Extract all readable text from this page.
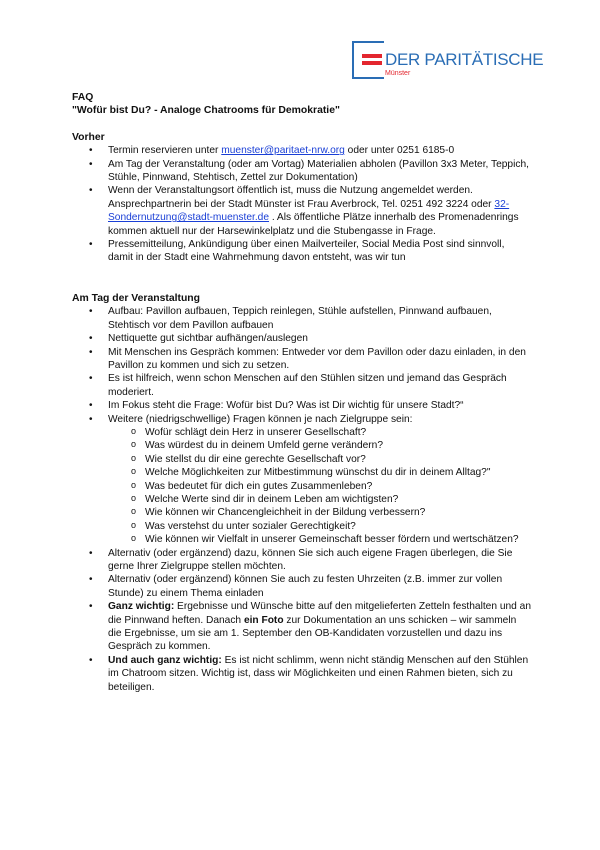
DER PARITÄTISCHE
Münster
FAQ
"Wofür bist Du? - Analoge Chatrooms für Demokratie"
Vorher
• Termin reservieren unter muenster@paritaet-nrw.org oder unter 0251 6185-0
• Am Tag der Veranstaltung (oder am Vortag) Materialien abholen (Pavillon 3x3 Meter, Teppich, Stühle, Pinnwand, Stehtisch, Zettel zur Dokumentation)
• Wenn der Veranstaltungsort öffentlich ist, muss die Nutzung angemeldet werden. Ansprechpartnerin bei der Stadt Münster ist Frau Averbrock, Tel. 0251 492 3224 oder 32-Sondernutzung@stadt-muenster.de . Als öffentliche Plätze innerhalb des Promenadenrings kommen aktuell nur der Harsewinkelplatz und die Stubengasse in Frage.
• Pressemitteilung, Ankündigung über einen Mailverteiler, Social Media Post sind sinnvoll, damit in der Stadt eine Wahrnehmung davon entsteht, was wir tun
Am Tag der Veranstaltung
• Aufbau: Pavillon aufbauen, Teppich reinlegen, Stühle aufstellen, Pinnwand aufbauen, Stehtisch vor dem Pavillon aufbauen
• Nettiquette gut sichtbar aufhängen/auslegen
• Mit Menschen ins Gespräch kommen: Entweder vor dem Pavillon oder dazu einladen, in den Pavillon zu kommen und sich zu setzen.
• Es ist hilfreich, wenn schon Menschen auf den Stühlen sitzen und jemand das Gespräch moderiert.
• Im Fokus steht die Frage: Wofür bist Du? Was ist Dir wichtig für unsere Stadt?“
• Weitere (niedrigschwellige) Fragen können je nach Zielgruppe sein:
o Wofür schlägt dein Herz in unserer Gesellschaft?
o Was würdest du in deinem Umfeld gerne verändern?
o Wie stellst du dir eine gerechte Gesellschaft vor?
o Welche Möglichkeiten zur Mitbestimmung wünschst du dir in deinem Alltag?"
o Was bedeutet für dich ein gutes Zusammenleben?
o Welche Werte sind dir in deinem Leben am wichtigsten?
o Wie können wir Chancengleichheit in der Bildung verbessern?
o Was verstehst du unter sozialer Gerechtigkeit?
o Wie können wir Vielfalt in unserer Gemeinschaft besser fördern und wertschätzen?
• Alternativ (oder ergänzend) dazu, können Sie sich auch eigene Fragen überlegen, die Sie gerne Ihrer Zielgruppe stellen möchten.
• Alternativ (oder ergänzend) können Sie auch zu festen Uhrzeiten (z.B. immer zur vollen Stunde) zu einem Thema einladen
• Ganz wichtig: Ergebnisse und Wünsche bitte auf den mitgelieferten Zetteln festhalten und an die Pinnwand heften. Danach ein Foto zur Dokumentation an uns schicken – wir sammeln die Ergebnisse, um sie am 1. September den OB-Kandidaten vorzustellen und dazu ins Gespräch zu kommen.
• Und auch ganz wichtig: Es ist nicht schlimm, wenn nicht ständig Menschen auf den Stühlen im Chatroom sitzen. Wichtig ist, dass wir Möglichkeiten und einen Rahmen bieten, sich zu beteiligen.
